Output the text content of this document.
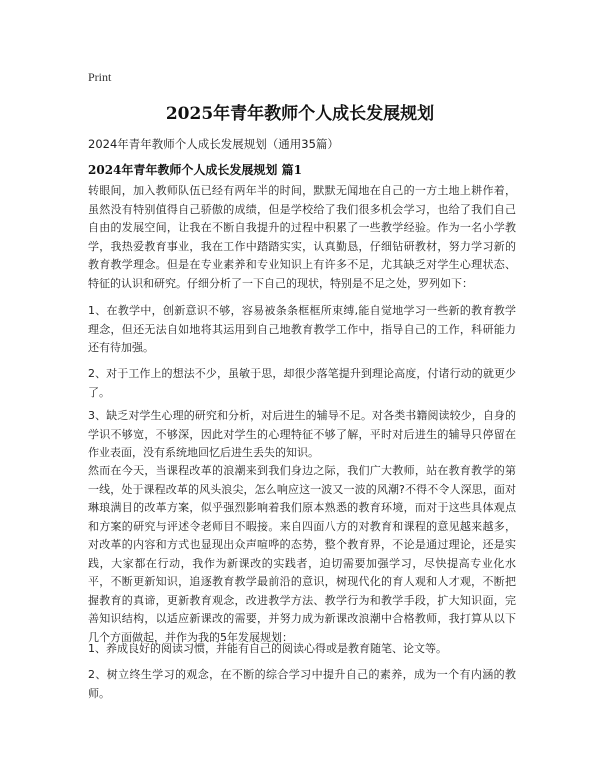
Print
2025年青年教师个人成长发展规划
2024年青年教师个人成长发展规划（通用35篇）
2024年青年教师个人成长发展规划 篇1

转眼间，加入教师队伍已经有两年半的时间，默默无闻地在自己的一方土地上耕作着，虽然没有特别值得自己骄傲的成绩，但是学校给了我们很多机会学习，也给了我们自己自由的发展空间，让我在不断自我提升的过程中积累了一些教学经验。作为一名小学教学，我热爱教育事业，我在工作中踏踏实实，认真勤恳，仔细钻研教材，努力学习新的教育教学理念。但是在专业素养和专业知识上有许多不足，尤其缺乏对学生心理状态、特征的认识和研究。仔细分析了一下自己的现状，特别是不足之处，罗列如下：

1、在教学中，创新意识不够，容易被条条框框所束缚,能自觉地学习一些新的教育教学理念，但还无法自如地将其运用到自己地教育教学工作中，指导自己的工作，科研能力还有待加强。

2、对于工作上的想法不少，虽敏于思，却很少落笔提升到理论高度，付诸行动的就更少了。

3、缺乏对学生心理的研究和分析，对后进生的辅导不足。对各类书籍阅读较少，自身的学识不够宽，不够深，因此对学生的心理特征不够了解，平时对后进生的辅导只停留在作业表面，没有系统地回忆后进生丢失的知识。

然而在今天，当课程改革的浪潮来到我们身边之际，我们广大教师，站在教育教学的第一线，处于课程改革的风头浪尖，怎么响应这一波又一波的风潮?不得不令人深思，面对琳琅满目的改革方案，似乎强烈影响着我们原本熟悉的教育环境，而对于这些具体观点和方案的研究与评述令老师目不暇接。来自四面八方的对教育和课程的意见越来越多，对改革的内容和方式也显现出众声喧哗的态势，整个教育界，不论是通过理论，还是实践，大家都在行动，我作为新课改的实践者，迫切需要加强学习，尽快提高专业化水平，不断更新知识，追逐教育教学最前沿的意识，树现代化的育人观和人才观，不断把握教育的真谛，更新教育观念，改进教学方法、教学行为和教学手段，扩大知识面，完善知识结构，以适应新课改的需要，并努力成为新课改浪潮中合格教师，我打算从以下几个方面做起，并作为我的5年发展规划：

1、养成良好的阅读习惯，并能有自己的阅读心得或是教育随笔、论文等。

2、树立终生学习的观念，在不断的综合学习中提升自己的素养，成为一个有内涵的教师。
